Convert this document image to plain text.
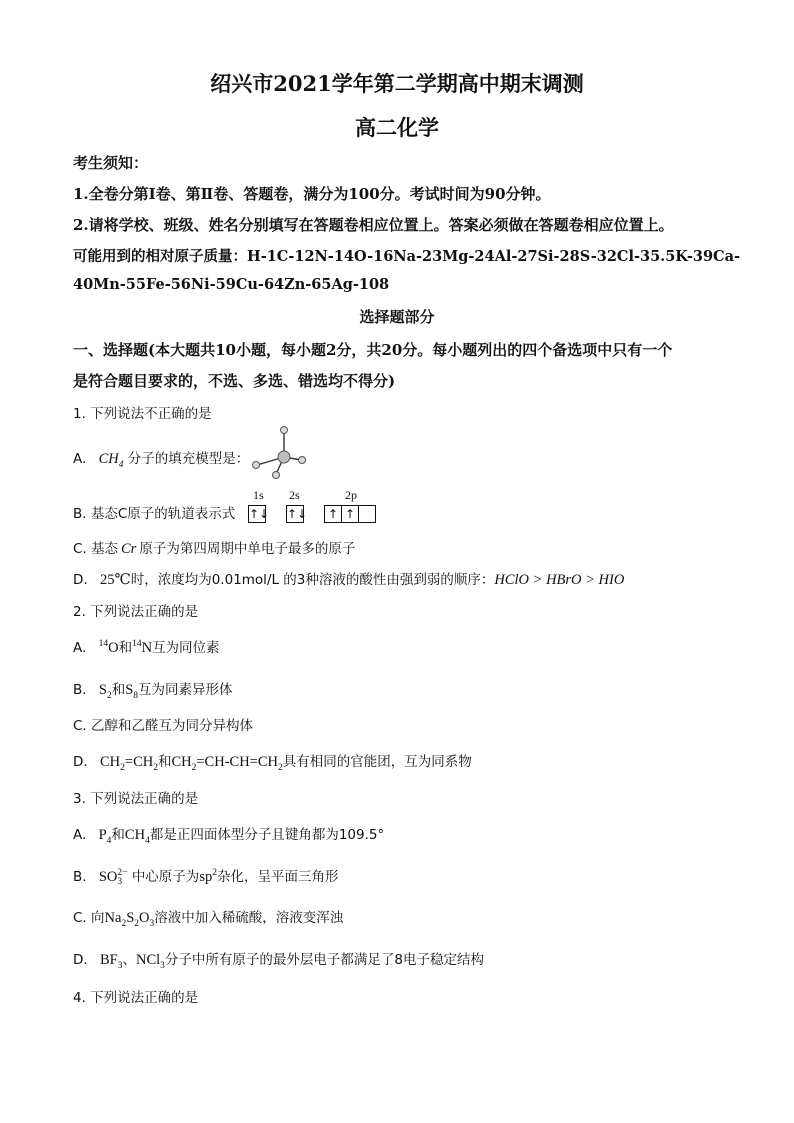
绍兴市2021学年第二学期高中期末调测
高二化学
考生须知：
1.全卷分第Ⅰ卷、第Ⅱ卷、答题卷，满分为100分。考试时间为90分钟。
2.请将学校、班级、姓名分别填写在答题卷相应位置上。答案必须做在答题卷相应位置上。
可能用到的相对原子质量：H-1C-12N-14O-16Na-23Mg-24Al-27Si-28S-32Cl-35.5K-39Ca-
40Mn-55Fe-56Ni-59Cu-64Zn-65Ag-108
选择题部分
一、选择题(本大题共10小题，每小题2分，共20分。每小题列出的四个备选项中只有一个
是符合题目要求的，不选、多选、错选均不得分)
1. 下列说法不正确的是
A. $CH_4$ 分子的填充模型是：
B. 基态C原子的轨道表示式
1s 2s	2p
↑↓ ↑↓	↑ ↑
C. 基态 Cr 原子为第四周期中单电子最多的原子
D. 25℃时，浓度均为0.01mol/L 的3种溶液的酸性由强到弱的顺序：HClO > HBrO > HIO
2. 下列说法正确的是
A. $^{14}$O和$^{14}$N互为同位素
B. $S_2$和$S_8$互为同素异形体
C. 乙醇和乙醛互为同分异构体
D. $CH_2=CH_2$和$CH_2=CH-CH=CH_2$具有相同的官能团，互为同系物
3. 下列说法正确的是
A. $P_4$和$CH_4$都是正四面体型分子且键角都为109.5°
B. SO2−
3 中心原子为$sp^2$杂化，呈平面三角形
C. 向$Na_2S_2O_3$溶液中加入稀硫酸，溶液变浑浊
D. $BF_3$、NCl$_3$分子中所有原子的最外层电子都满足了8电子稳定结构
4. 下列说法正确的是
